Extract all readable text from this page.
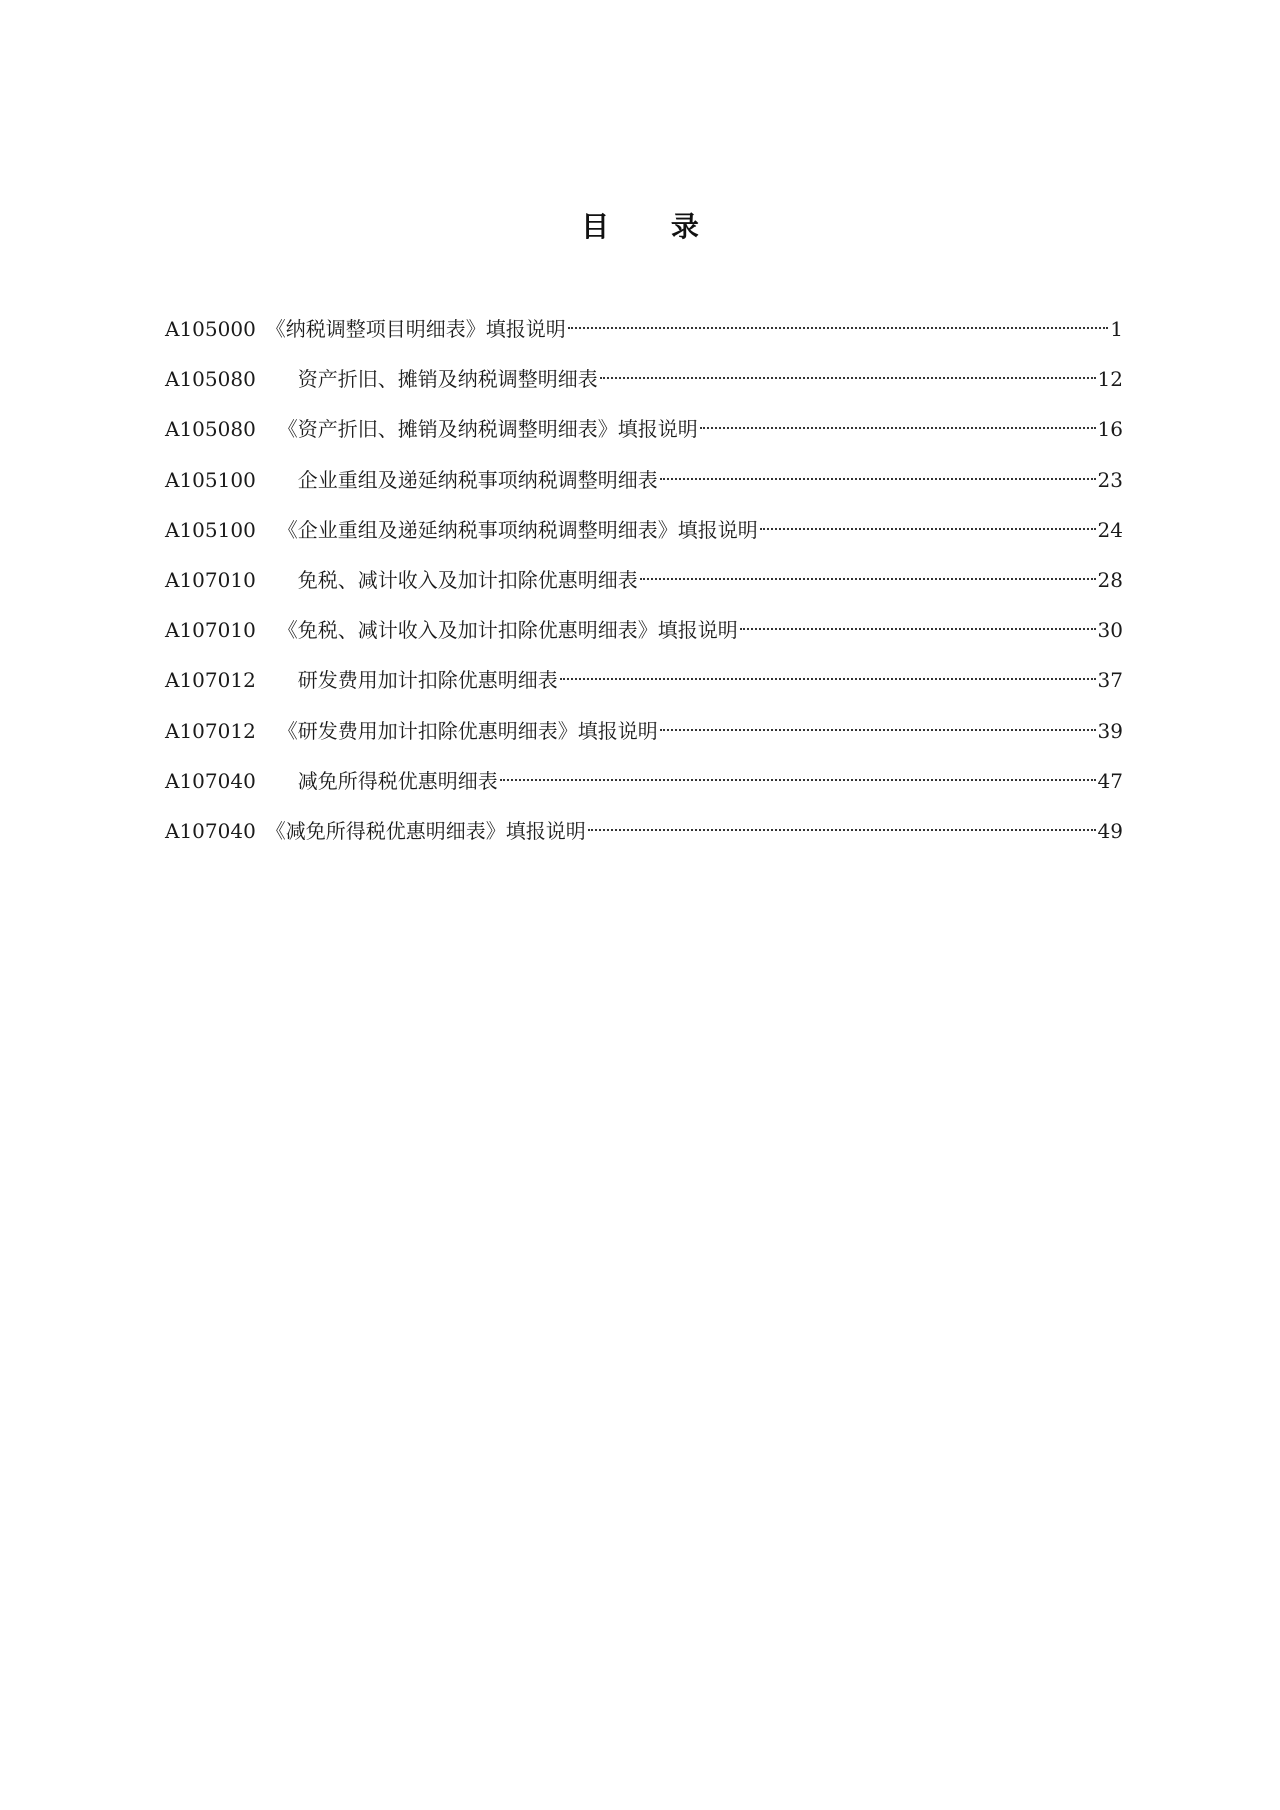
目 录
A105000 《纳税调整项目明细表》填报说明	1
A105080 资产折旧、摊销及纳税调整明细表	12
A105080 《资产折旧、摊销及纳税调整明细表》填报说明	16
A105100 企业重组及递延纳税事项纳税调整明细表	23
A105100 《企业重组及递延纳税事项纳税调整明细表》填报说明	24
A107010 免税、减计收入及加计扣除优惠明细表	28
A107010 《免税、减计收入及加计扣除优惠明细表》填报说明	30
A107012 研发费用加计扣除优惠明细表	37
A107012 《研发费用加计扣除优惠明细表》填报说明	39
A107040 减免所得税优惠明细表	47
A107040 《减免所得税优惠明细表》填报说明	49
